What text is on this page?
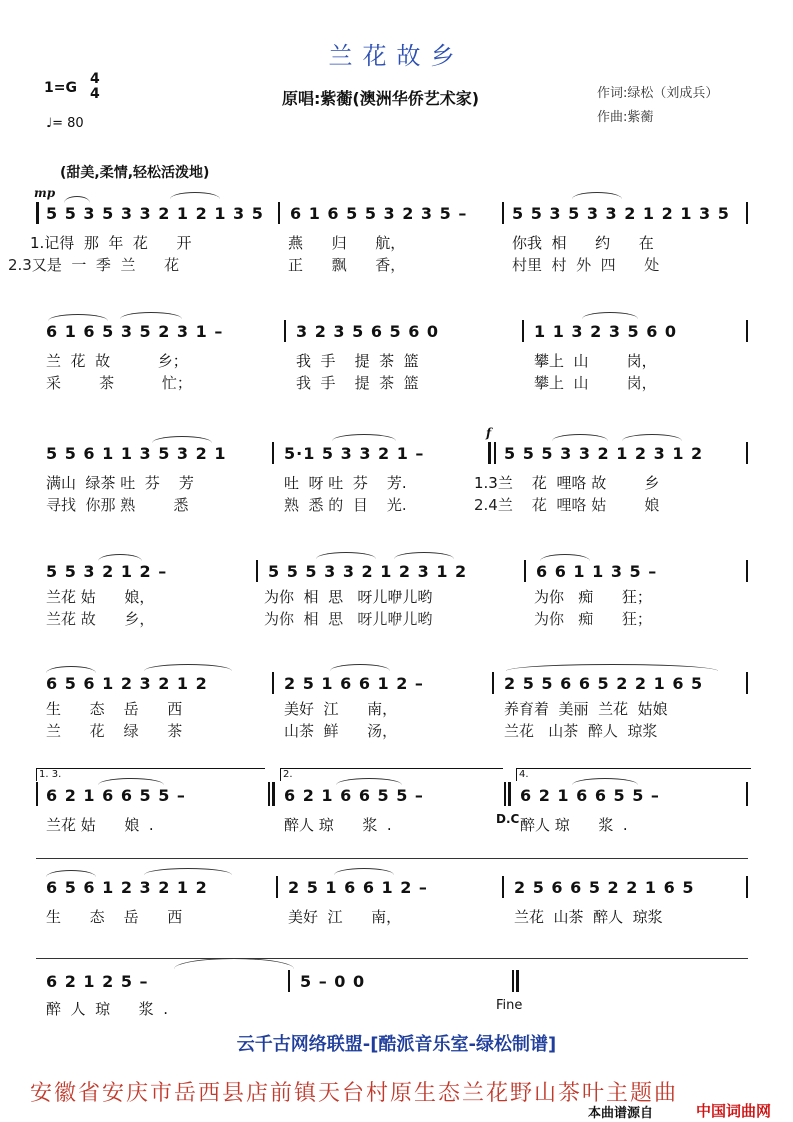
兰花故乡
1=G
4
4
♩= 80
原唱:紫蘅(澳洲华侨艺术家)	作词:绿松（刘成兵）
作曲:紫蘅
(甜美,柔情,轻松活泼地)
mp
f
5 5 3 5 3 3 2 1 2 1 3 5 6 1 6 5 5 3 2 3 5 –	5 5 3 5 3 3 2 1 2 1 3 5
1.记得  那  年  花      开	燕      归      航，	你我  相      约      在
2.3又是  一  季  兰      花	正      飘      香，	村里  村  外  四      处
6 1 6 5 3 5 2 3 1 –	3 2 3 5 6 5 6 0	1 1 3 2 3 5 6 0
兰  花  故          乡；	我  手    提  茶  篮	攀上  山        岗，
采        茶          忙；	我  手    提  茶  篮	攀上  山        岗，
5 5 6 1 1 3 5 3 2 1	5·1 5 3 3 2 1 –	5 5 5 3 3 2 1 2 3 1 2
满山  绿茶 吐  芬    芳	吐  呀 吐  芬    芳.	1.3兰    花  哩咯 故        乡
寻找  你那 熟        悉	熟  悉 的  目    光.	2.4兰    花  哩咯 姑        娘
5 5 3 2 1 2 –	5 5 5 3 3 2 1 2 3 1 2	6 6 1 1 3 5 –
兰花 姑      娘，	为你  相  思   呀儿咿儿哟	为你   痴      狂；
兰花 故      乡，	为你  相  思   呀儿咿儿哟	为你   痴      狂；
6 5 6 1 2 3 2 1 2	2 5 1 6 6 1 2 –	2 5 5 6 6 5 2 2 1 6 5
生      态    岳      西	美好  江      南，	养育着  美丽  兰花  姑娘
兰      花    绿      茶	山茶  鲜      汤，	兰花   山茶  醉人  琼浆
1. 3.	2.	4.
6 2 1 6 6 5 5 –	6 2 1 6 6 5 5 –	6 2 1 6 6 5 5 –
兰花 姑      娘  .	醉人 琼      浆  .	D.C 醉人 琼      浆  .
6 5 6 1 2 3 2 1 2	2 5 1 6 6 1 2 –	2 5 6 6 5 2 2 1 6 5
生      态    岳      西	美好  江      南，	兰花  山茶  醉人  琼浆
6 2 1 2 5 –	5 – 0 0
醉  人  琼      浆  .	Fine
云千古网络联盟-[酷派音乐室-绿松制谱]
安徽省安庆市岳西县店前镇天台村原生态兰花野山茶叶主题曲
本曲谱源自	中国词曲网
